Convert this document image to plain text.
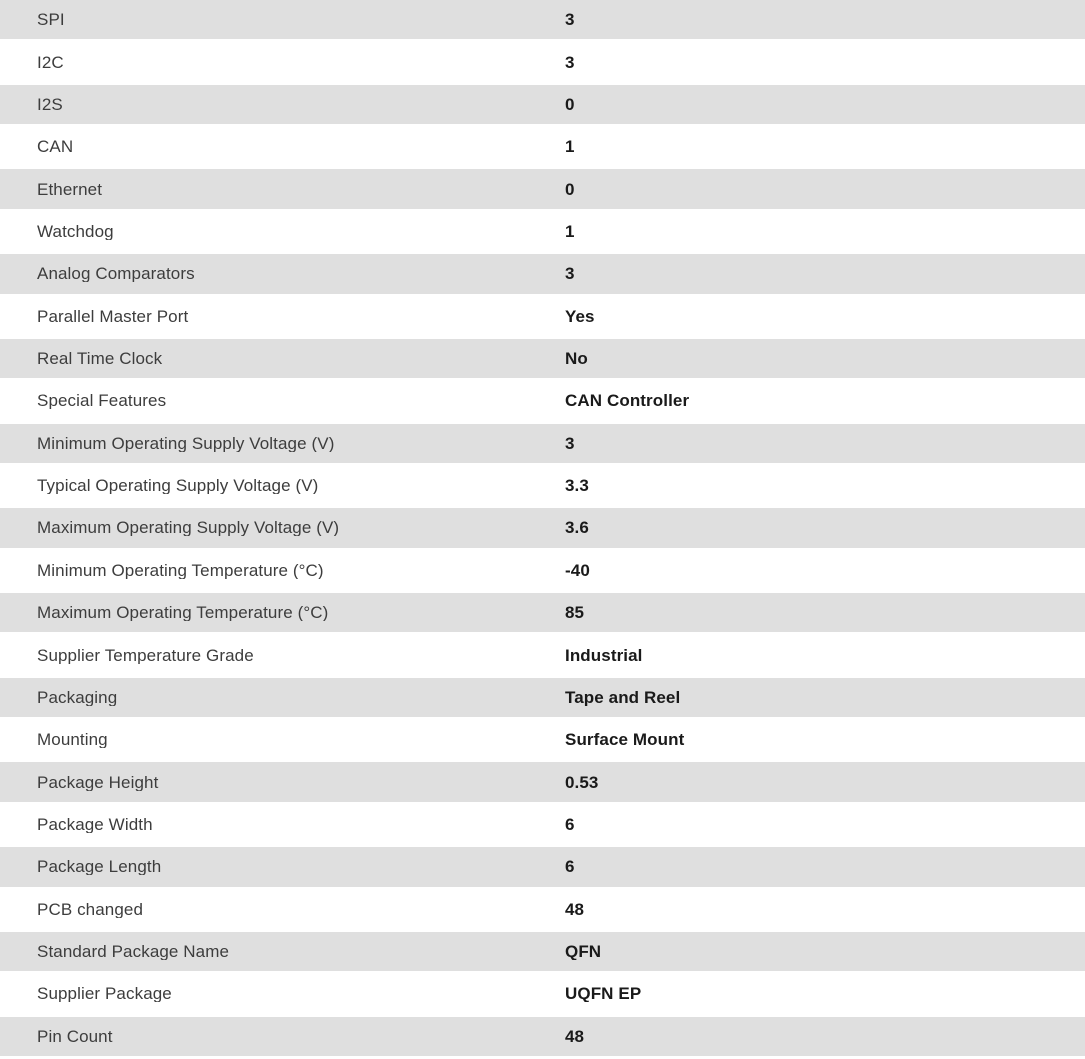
SPI	3
I2C	3
I2S	0
CAN	1
Ethernet	0
Watchdog	1
Analog Comparators	3
Parallel Master Port	Yes
Real Time Clock	No
Special Features	CAN Controller
Minimum Operating Supply Voltage (V)	3
Typical Operating Supply Voltage (V)	3.3
Maximum Operating Supply Voltage (V)	3.6
Minimum Operating Temperature (°C)	-40
Maximum Operating Temperature (°C)	85
Supplier Temperature Grade	Industrial
Packaging	Tape and Reel
Mounting	Surface Mount
Package Height	0.53
Package Width	6
Package Length	6
PCB changed	48
Standard Package Name	QFN
Supplier Package	UQFN EP
Pin Count	48
